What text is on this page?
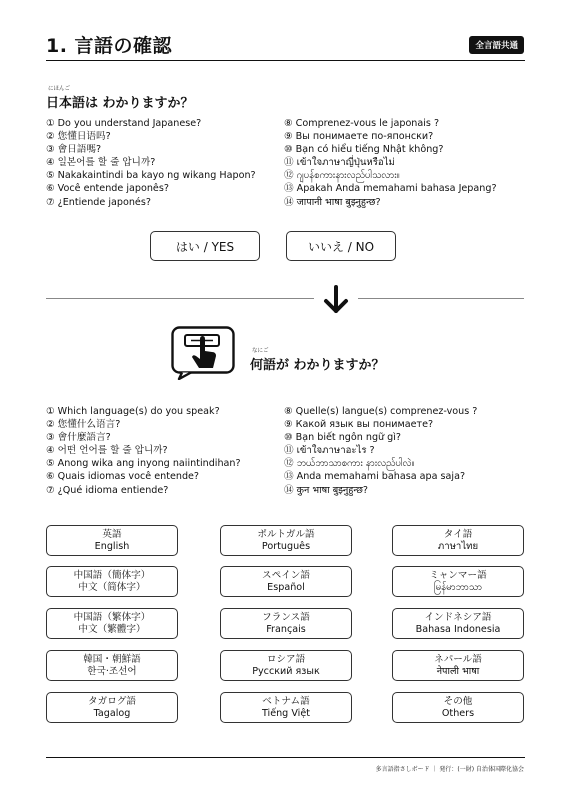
1. 言語の確認	全言語共通
にほんご
日本語は わかりますか？
① Do you understand Japanese?
② 您懂日语吗?
③ 會日語嗎?
④ 일본어를 할 줄 압니까?
⑤ Nakakaintindi ba kayo ng wikang Hapon?
⑥ Você entende japonês?
⑦ ¿Entiende japonés?
⑧ Comprenez-vous le japonais ?
⑨ Вы понимаете по-японски?
⑩ Bạn có hiểu tiếng Nhật không?
⑪ เข้าใจภาษาญี่ปุ่นหรือไม่
⑫ ဂျပန်စကားနားလည်ပါသလား။
⑬ Apakah Anda memahami bahasa Jepang?
⑭ जापानी भाषा बुझ्नुहुन्छ?
はい / YES	いいえ / NO
なにご
何語が わかりますか？
① Which language(s) do you speak?
② 您懂什么语言?
③ 會什麼語言?
④ 어떤 언어를 할 줄 압니까?
⑤ Anong wika ang inyong naiintindihan?
⑥ Quais idiomas você entende?
⑦ ¿Qué idioma entiende?
⑧ Quelle(s) langue(s) comprenez-vous ?
⑨ Какой язык вы понимаете?
⑩ Bạn biết ngôn ngữ gì?
⑪ เข้าใจภาษาอะไร ?
⑫ ဘယ်ဘာသာစကား နားလည်ပါလဲ။
⑬ Anda memahami bahasa apa saja?
⑭ कुन भाषा बुझ्नुहुन्छ?
英語
English
ポルトガル語
Português
タイ語
ภาษาไทย
中国語（簡体字）
中文（简体字）
スペイン語
Español
ミャンマー語
မြန်မာဘာသာ
中国語（繁体字）
中文（繁體字）
フランス語
Français
インドネシア語
Bahasa Indonesia
韓国・朝鮮語
한국·조선어
ロシア語
Русский язык
ネパール語
नेपाली भाषा
タガログ語
Tagalog
ベトナム語
Tiếng Việt
その他
Others
多言語指さしボード ｜ 発行：(一財) 自治体国際化協会
